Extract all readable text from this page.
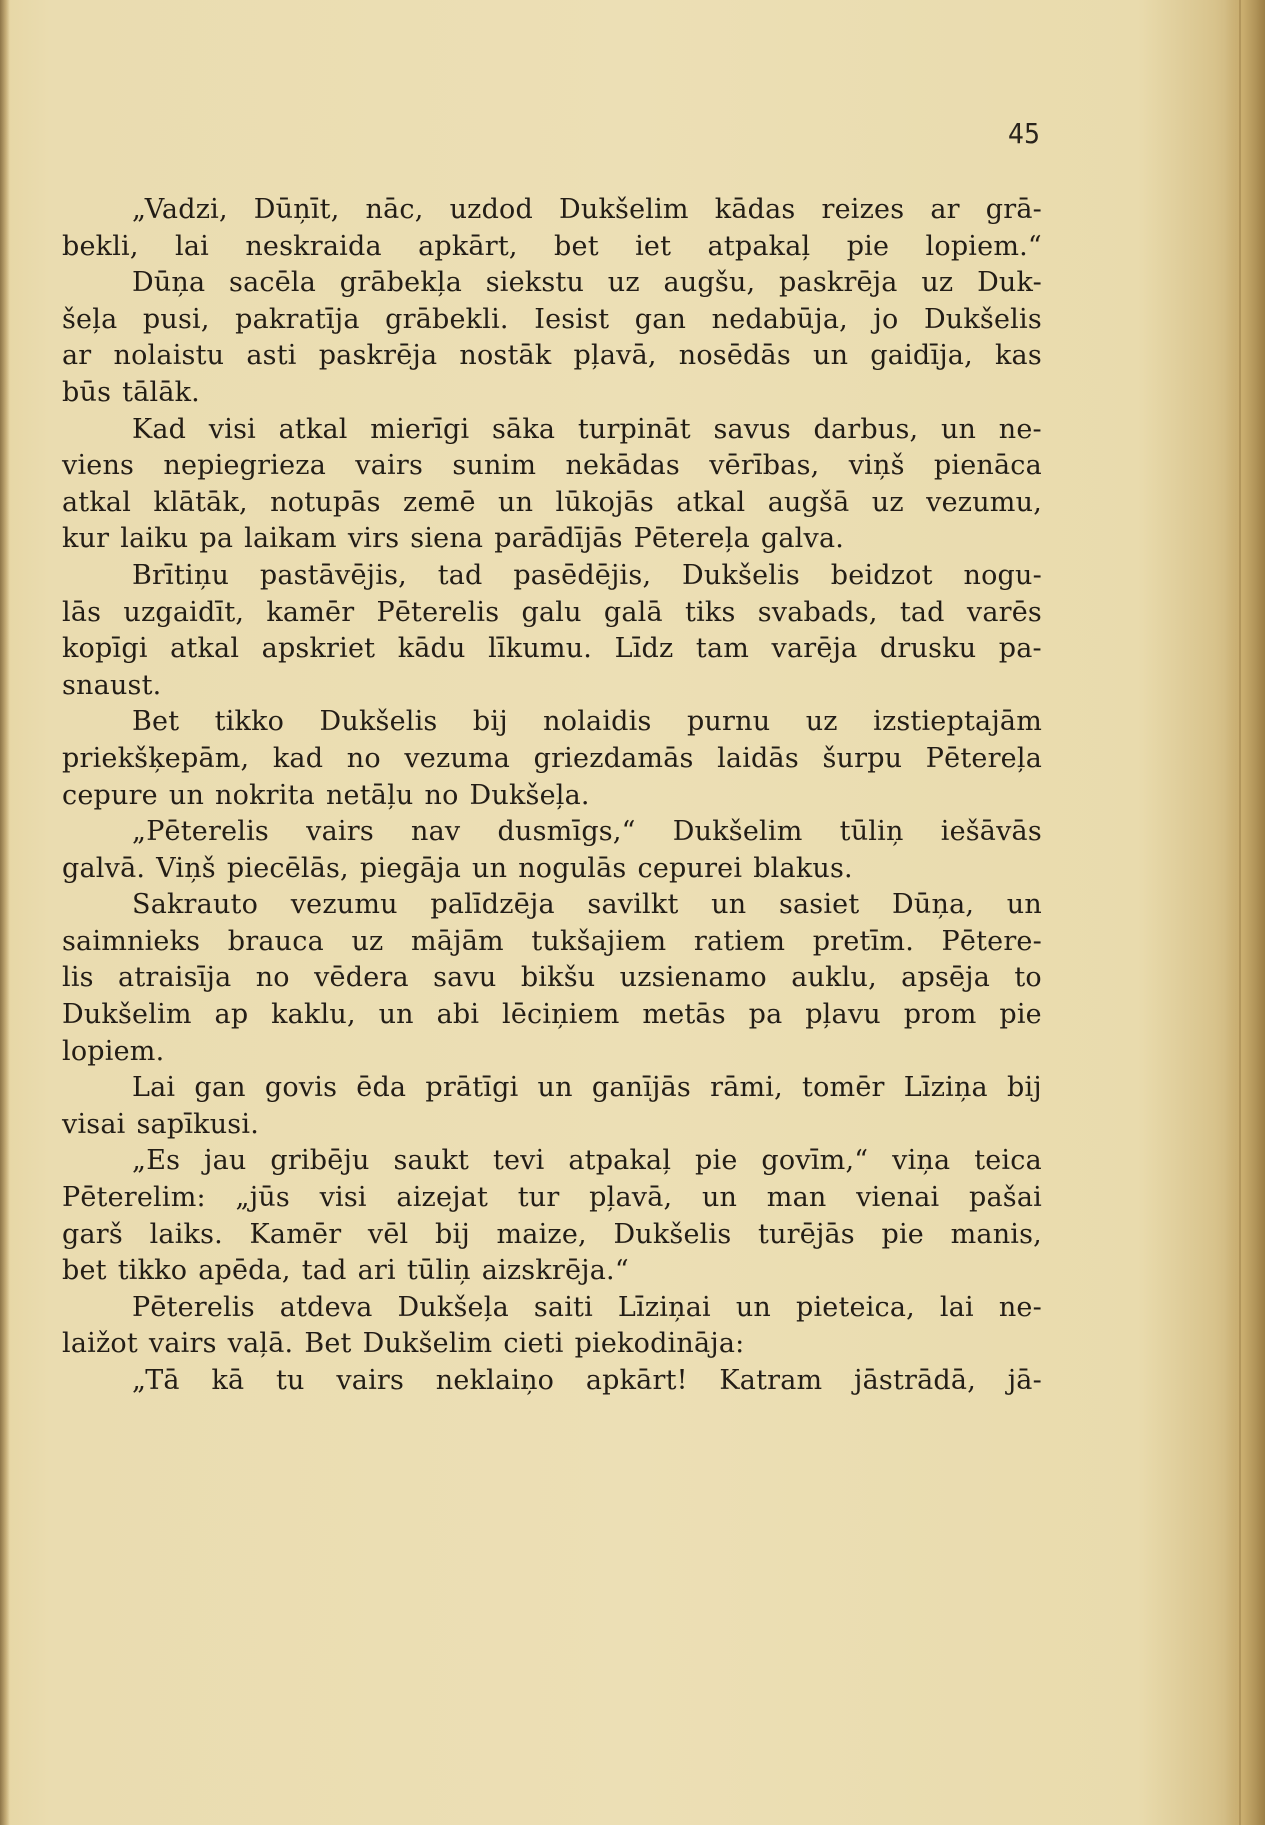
45
„Vadzi, Dūņīt, nāc, uzdod Dukšelim kādas reizes ar grā-
bekli, lai neskraida apkārt, bet iet atpakaļ pie lopiem.“
Dūņa sacēla grābekļa siekstu uz augšu, paskrēja uz Duk-
šeļa pusi, pakratīja grābekli. Iesist gan nedabūja, jo Dukšelis
ar nolaistu asti paskrēja nostāk pļavā, nosēdās un gaidīja, kas
būs tālāk.
Kad visi atkal mierīgi sāka turpināt savus darbus, un ne-
viens nepiegrieza vairs sunim nekādas vērības, viņš pienāca
atkal klātāk, notupās zemē un lūkojās atkal augšā uz vezumu,
kur laiku pa laikam virs siena parādījās Pētereļa galva.
Brītiņu pastāvējis, tad pasēdējis, Dukšelis beidzot nogu-
lās uzgaidīt, kamēr Pēterelis galu galā tiks svabads, tad varēs
kopīgi atkal apskriet kādu līkumu. Līdz tam varēja drusku pa-
snaust.
Bet tikko Dukšelis bij nolaidis purnu uz izstieptajām
priekšķepām, kad no vezuma griezdamās laidās šurpu Pētereļa
cepure un nokrita netāļu no Dukšeļa.
„Pēterelis vairs nav dusmīgs,“ Dukšelim tūliņ iešāvās
galvā. Viņš piecēlās, piegāja un nogulās cepurei blakus.
Sakrauto vezumu palīdzēja savilkt un sasiet Dūņa, un
saimnieks brauca uz mājām tukšajiem ratiem pretīm. Pētere-
lis atraisīja no vēdera savu bikšu uzsienamo auklu, apsēja to
Dukšelim ap kaklu, un abi lēciņiem metās pa pļavu prom pie
lopiem.
Lai gan govis ēda prātīgi un ganījās rāmi, tomēr Līziņa bij
visai sapīkusi.
„Es jau gribēju saukt tevi atpakaļ pie govīm,“ viņa teica
Pēterelim: „jūs visi aizejat tur pļavā, un man vienai pašai
garš laiks. Kamēr vēl bij maize, Dukšelis turējās pie manis,
bet tikko apēda, tad ari tūliņ aizskrēja.“
Pēterelis atdeva Dukšeļa saiti Līziņai un pieteica, lai ne-
laižot vairs vaļā. Bet Dukšelim cieti piekodināja:
„Tā kā tu vairs neklaiņo apkārt! Katram jāstrādā, jā-
